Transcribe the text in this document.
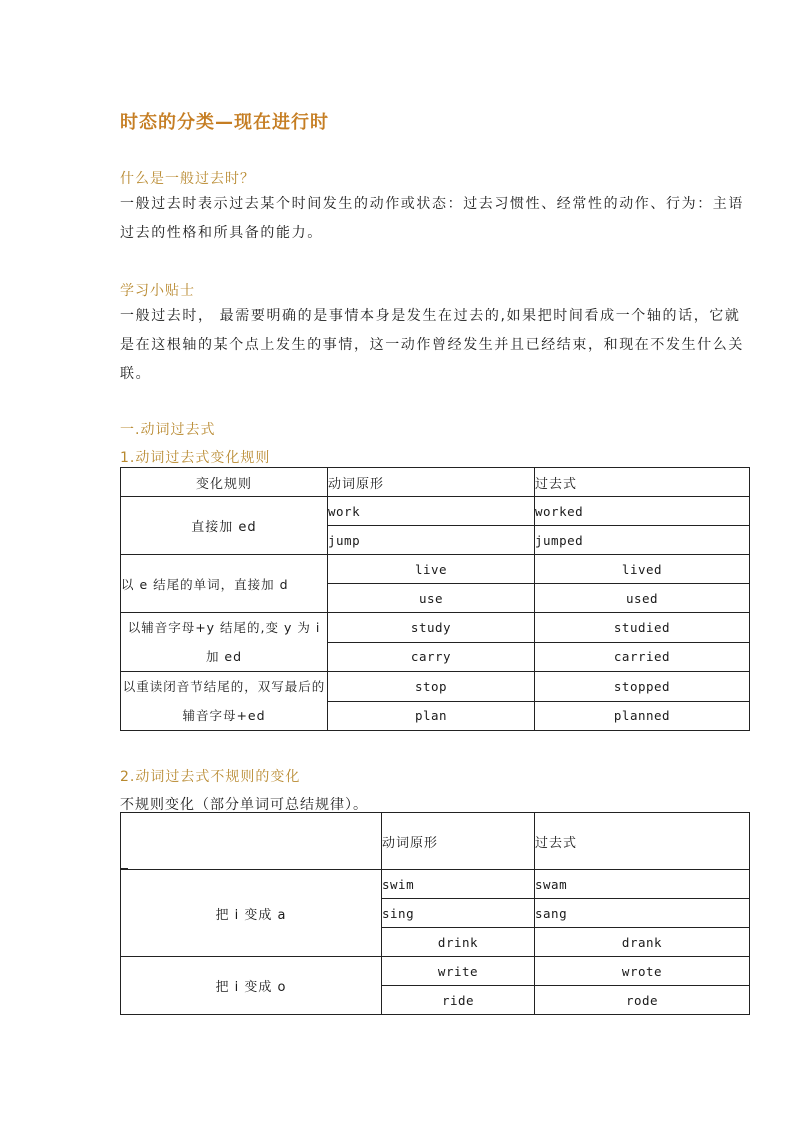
时态的分类—现在进行时
什么是一般过去时？
一般过去时表示过去某个时间发生的动作或状态：过去习惯性、经常性的动作、行为：主语过去的性格和所具备的能力。
学习小贴士
一般过去时， 最需要明确的是事情本身是发生在过去的,如果把时间看成一个轴的话，它就是在这根轴的某个点上发生的事情，这一动作曾经发生并且已经结束，和现在不发生什么关联。
一.动词过去式
1.动词过去式变化规则
变化规则	动词原形	过去式
直接加 ed	work	worked
	jump	jumped
以 e 结尾的单词，直接加 d	live	lived
	use	used
以辅音字母+y 结尾的,变 y 为 i 加 ed	study	studied
	carry	carried
以重读闭音节结尾的，双写最后的辅音字母+ed	stop	stopped
	plan	planned
2.动词过去式不规则的变化
不规则变化（部分单词可总结规律）。
	动词原形	过去式
把 i 变成 a	swim	swam
	sing	sang
	drink	drank
把 i 变成 o	write	wrote
	ride	rode
